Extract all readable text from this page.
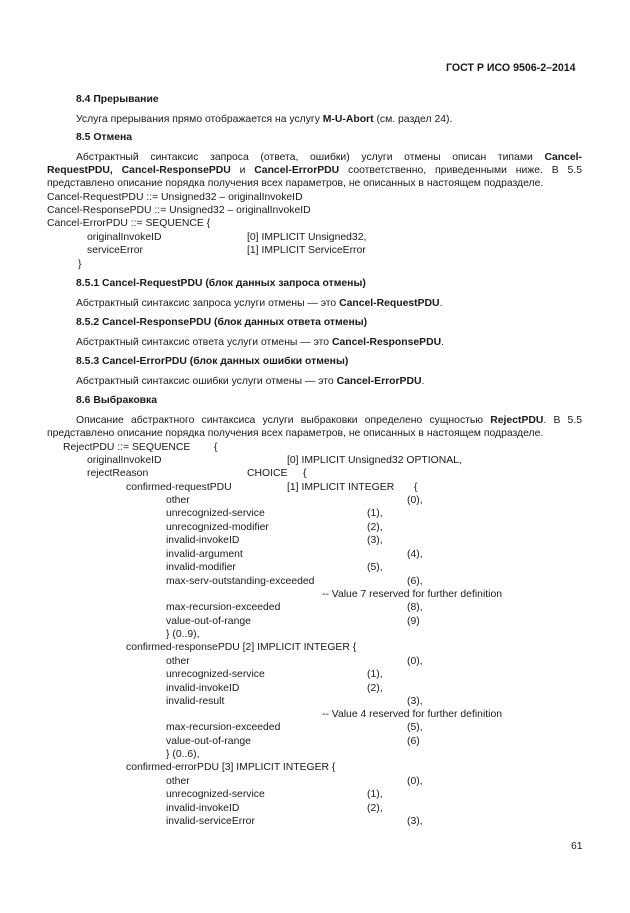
ГОСТ Р ИСО 9506-2–2014
8.4 Прерывание
Услуга прерывания прямо отображается на услугу M-U-Abort (см. раздел 24).
8.5 Отмена
Абстрактный синтаксис запроса (ответа, ошибки) услуги отмены описан типами Cancel-
RequestPDU, Cancel-ResponsePDU и Cancel-ErrorPDU соответственно, приведенными ниже. В 5.5
представлено описание порядка получения всех параметров, не описанных в настоящем подразделе.
Cancel-RequestPDU ::= Unsigned32 – originalInvokeID
Cancel-ResponsePDU ::= Unsigned32 – originalInvokeID
Cancel-ErrorPDU ::= SEQUENCE {
originalInvokeID	[0] IMPLICIT Unsigned32,
serviceError	[1] IMPLICIT ServiceError
}
8.5.1 Cancel-RequestPDU (блок данных запроса отмены)
Абстрактный синтаксис запроса услуги отмены — это Cancel-RequestPDU.
8.5.2 Cancel-ResponsePDU (блок данных ответа отмены)
Абстрактный синтаксис ответа услуги отмены — это Cancel-ResponsePDU.
8.5.3 Cancel-ErrorPDU (блок данных ошибки отмены)
Абстрактный синтаксис ошибки услуги отмены — это Cancel-ErrorPDU.
8.6 Выбраковка
Описание абстрактного синтаксиса услуги выбраковки определено сущностью RejectPDU. В 5.5
представлено описание порядка получения всех параметров, не описанных в настоящем подразделе.
RejectPDU ::= SEQUENCE {
originalInvokeID	[0] IMPLICIT Unsigned32 OPTIONAL,
rejectReason	CHOICE {
confirmed-requestPDU	[1] IMPLICIT INTEGER {
other	(0),
unrecognized-service	(1),
unrecognized-modifier	(2),
invalid-invokeID	(3),
invalid-argument	(4),
invalid-modifier	(5),
max-serv-outstanding-exceeded	(6),
-- Value 7 reserved for further definition
max-recursion-exceeded	(8),
value-out-of-range	(9)
} (0..9),
confirmed-responsePDU [2] IMPLICIT INTEGER {
other	(0),
unrecognized-service	(1),
invalid-invokeID	(2),
invalid-result	(3),
-- Value 4 reserved for further definition
max-recursion-exceeded	(5),
value-out-of-range	(6)
} (0..6),
confirmed-errorPDU [3] IMPLICIT INTEGER {
other	(0),
unrecognized-service	(1),
invalid-invokeID	(2),
invalid-serviceError	(3),
61
